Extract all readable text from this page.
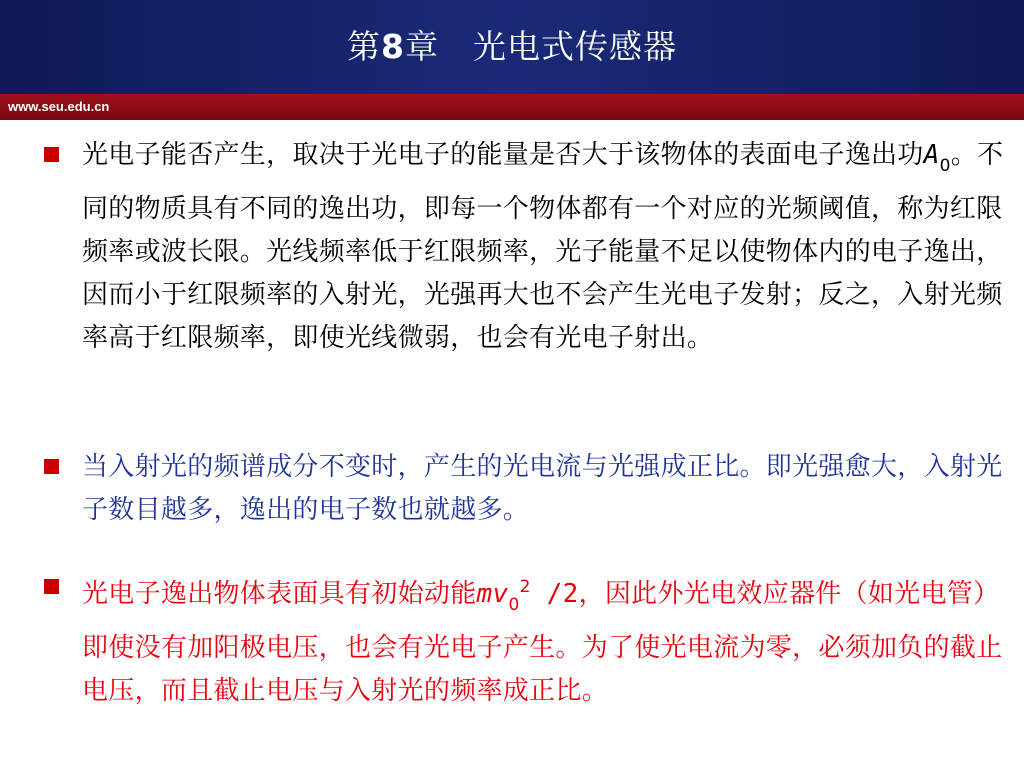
第8章　光电式传感器
www.seu.edu.cn
光电子能否产生，取决于光电子的能量是否大于该物体的表面电子逸出功$A_0$。不同的物质具有不同的逸出功，即每一个物体都有一个对应的光频阈值，称为红限频率或波长限。光线频率低于红限频率，光子能量不足以使物体内的电子逸出，因而小于红限频率的入射光，光强再大也不会产生光电子发射；反之，入射光频率高于红限频率，即使光线微弱，也会有光电子射出。
当入射光的频谱成分不变时，产生的光电流与光强成正比。即光强愈大，入射光子数目越多，逸出的电子数也就越多。
光电子逸出物体表面具有初始动能$mv_0^2$ /2，因此外光电效应器件（如光电管）即使没有加阳极电压，也会有光电子产生。为了使光电流为零，必须加负的截止电压，而且截止电压与入射光的频率成正比。
